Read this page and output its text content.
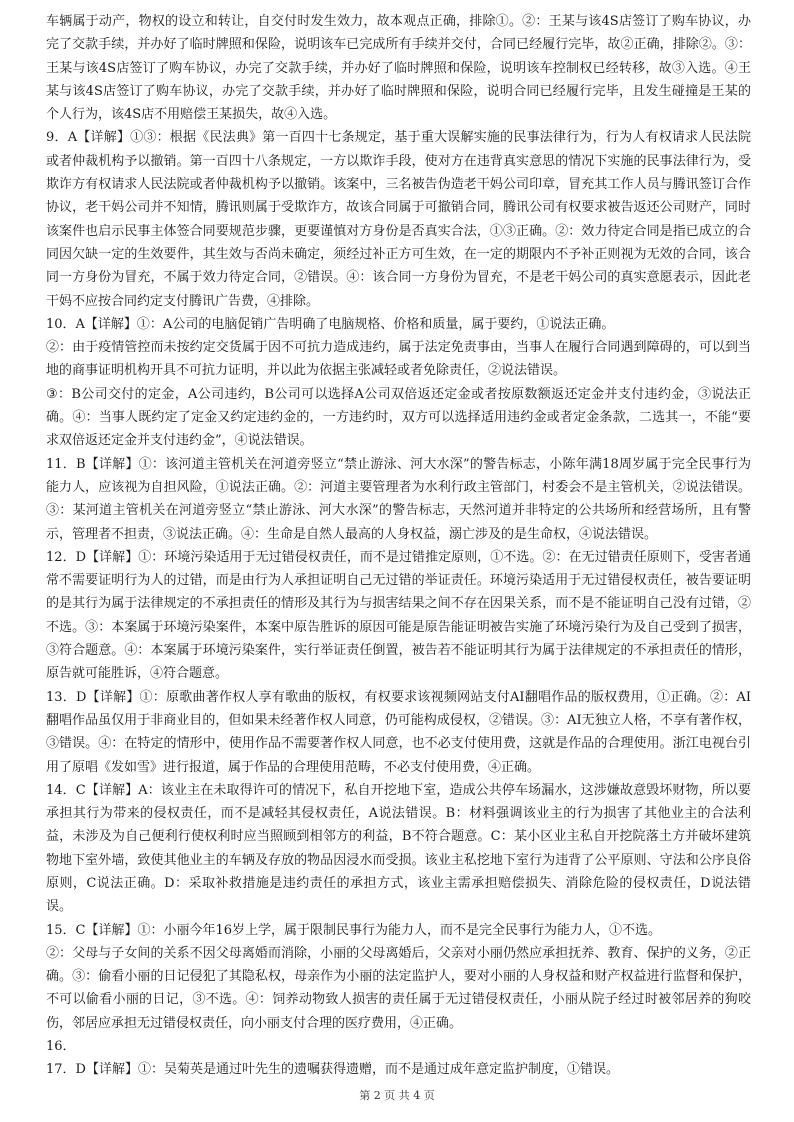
车辆属于动产，物权的设立和转让，自交付时发生效力，故本观点正确，排除①。②：王某与该4S店签订了购车协议，办完了交款手续，并办好了临时牌照和保险，说明该车已完成所有手续并交付，合同已经履行完毕，故②正确，排除②。③：王某与该4S店签订了购车协议，办完了交款手续，并办好了临时牌照和保险，说明该车控制权已经转移，故③入选。④王某与该4S店签订了购车协议，办完了交款手续，并办好了临时牌照和保险，说明合同已经履行完毕，且发生碰撞是王某的个人行为，该4S店不用赔偿王某损失，故④入选。

9．A【详解】①③：根据《民法典》第一百四十七条规定，基于重大误解实施的民事法律行为，行为人有权请求人民法院或者仲裁机构予以撤销。第一百四十八条规定，一方以欺诈手段，使对方在违背真实意思的情况下实施的民事法律行为，受欺诈方有权请求人民法院或者仲裁机构予以撤销。该案中，三名被告伪造老干妈公司印章，冒充其工作人员与腾讯签订合作协议，老干妈公司并不知情，腾讯则属于受欺诈方，故该合同属于可撤销合同，腾讯公司有权要求被告返还公司财产，同时该案件也启示民事主体签合同要规范步骤，更要谨慎对方身份是否真实合法，①③正确。②：效力待定合同是指已成立的合同因欠缺一定的生效要件，其生效与否尚未确定，须经过补正方可生效，在一定的期限内不予补正则视为无效的合同，该合同一方身份为冒充，不属于效力待定合同，②错误。④：该合同一方身份为冒充，不是老干妈公司的真实意愿表示，因此老干妈不应按合同约定支付腾讯广告费，④排除。

10．A【详解】①：A公司的电脑促销广告明确了电脑规格、价格和质量，属于要约，①说法正确。

②：由于疫情管控而未按约定交货属于因不可抗力造成违约，属于法定免责事由，当事人在履行合同遇到障碍的，可以到当地的商事证明机构开具不可抗力证明，并以此为依据主张减轻或者免除责任，②说法错误。

③：B公司交付的定金，A公司违约，B公司可以选择A公司双倍返还定金或者按原数额返还定金并支付违约金，③说法正确。④：当事人既约定了定金又约定违约金的，一方违约时，双方可以选择适用违约金或者定金条款，二选其一，不能“要求双倍返还定金并支付违约金”，④说法错误。

11．B【详解】①：该河道主管机关在河道旁竖立“禁止游泳、河大水深”的警告标志，小陈年满18周岁属于完全民事行为能力人，应该视为自担风险，①说法正确。②：河道主要管理者为水利行政主管部门，村委会不是主管机关，②说法错误。③：某河道主管机关在河道旁竖立“禁止游泳、河大水深”的警告标志，天然河道并非特定的公共场所和经营场所，且有警示，管理者不担责，③说法正确。④：生命是自然人最高的人身权益，溺亡涉及的是生命权，④说法错误。

12．D【详解】①：环境污染适用于无过错侵权责任，而不是过错推定原则，①不选。②：在无过错责任原则下，受害者通常不需要证明行为人的过错，而是由行为人承担证明自己无过错的举证责任。环境污染适用于无过错侵权责任，被告要证明的是其行为属于法律规定的不承担责任的情形及其行为与损害结果之间不存在因果关系，而不是不能证明自己没有过错，②不选。③：本案属于环境污染案件，本案中原告胜诉的原因可能是原告能证明被告实施了环境污染行为及自己受到了损害，③符合题意。④：本案属于环境污染案件，实行举证责任倒置，被告若不能证明其行为属于法律规定的不承担责任的情形，原告就可能胜诉，④符合题意。

13．D【详解】①：原歌曲著作权人享有歌曲的版权，有权要求该视频网站支付AI翻唱作品的版权费用，①正确。②：AI翻唱作品虽仅用于非商业目的，但如果未经著作权人同意，仍可能构成侵权，②错误。③：AI无独立人格，不享有著作权，③错误。④：在特定的情形中，使用作品不需要著作权人同意，也不必支付使用费，这就是作品的合理使用。浙江电视台引用了原唱《发如雪》进行报道，属于作品的合理使用范畴，不必支付使用费，④正确。

14．C【详解】A：该业主在未取得许可的情况下，私自开挖地下室，造成公共停车场漏水，这涉嫌故意毁坏财物，所以要承担其行为带来的侵权责任，而不是减轻其侵权责任，A说法错误。B：材料强调该业主的行为损害了其他业主的合法利益，未涉及为自己便利行使权利时应当照顾到相邻方的利益，B不符合题意。C：某小区业主私自开挖院落土方并破坏建筑物地下室外墙，致使其他业主的车辆及存放的物品因浸水而受损。该业主私挖地下室行为违背了公平原则、守法和公序良俗原则，C说法正确。D：采取补救措施是违约责任的承担方式，该业主需承担赔偿损失、消除危险的侵权责任，D说法错误。

15．C【详解】①：小丽今年16岁上学，属于限制民事行为能力人，而不是完全民事行为能力人，①不选。

②：父母与子女间的关系不因父母离婚而消除，小丽的父母离婚后，父亲对小丽仍然应承担抚养、教育、保护的义务，②正确。③：偷看小丽的日记侵犯了其隐私权，母亲作为小丽的法定监护人，要对小丽的人身权益和财产权益进行监督和保护，不可以偷看小丽的日记，③不选。④：饲养动物致人损害的责任属于无过错侵权责任，小丽从院子经过时被邻居养的狗咬伤，邻居应承担无过错侵权责任，向小丽支付合理的医疗费用，④正确。

16．

17．D【详解】①：吴菊英是通过叶先生的遗嘱获得遗赠，而不是通过成年意定监护制度，①错误。

第 2 页 共 4 页
